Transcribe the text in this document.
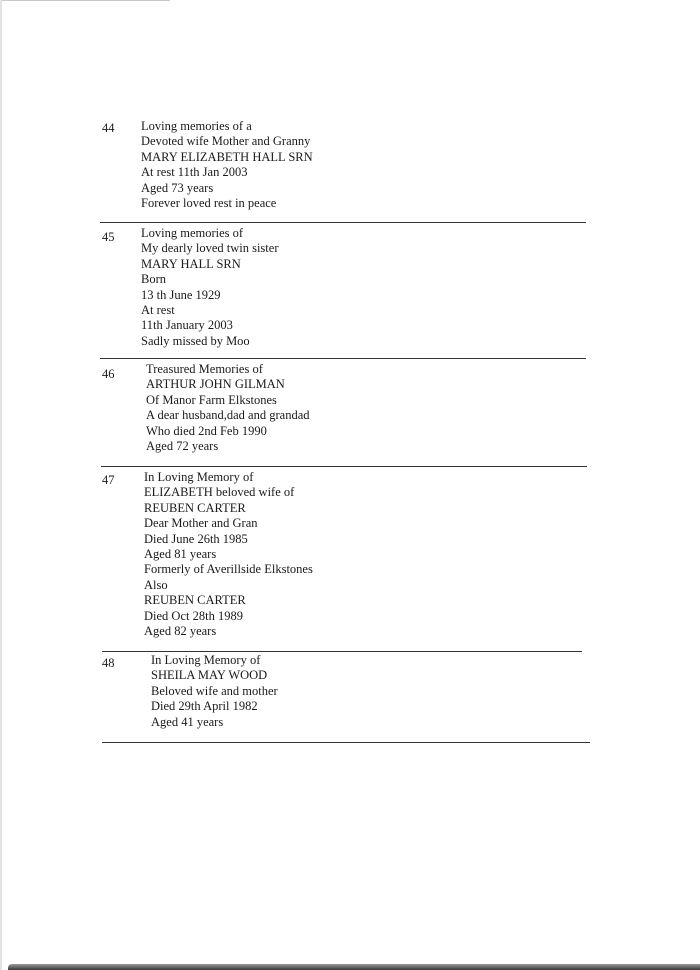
44 Loving memories of a
Devoted wife Mother and Granny
MARY ELIZABETH HALL SRN
At rest 11th Jan 2003
Aged 73 years
Forever loved rest in peace
45 Loving memories of
My dearly loved twin sister
MARY HALL SRN
Born
13 th June 1929
At rest
11th January 2003
Sadly missed by Moo
46	Treasured Memories of
ARTHUR JOHN GILMAN
Of Manor Farm Elkstones
A dear husband,dad and grandad
Who died 2nd Feb 1990
Aged 72 years
47 In Loving Memory of
ELIZABETH beloved wife of
REUBEN CARTER
Dear Mother and Gran
Died June 26th 1985
Aged 81 years
Formerly of Averillside Elkstones
Also
REUBEN CARTER
Died Oct 28th 1989
Aged 82 years
48	In Loving Memory of
SHEILA MAY WOOD
Beloved wife and mother
Died 29th April 1982
Aged 41 years
